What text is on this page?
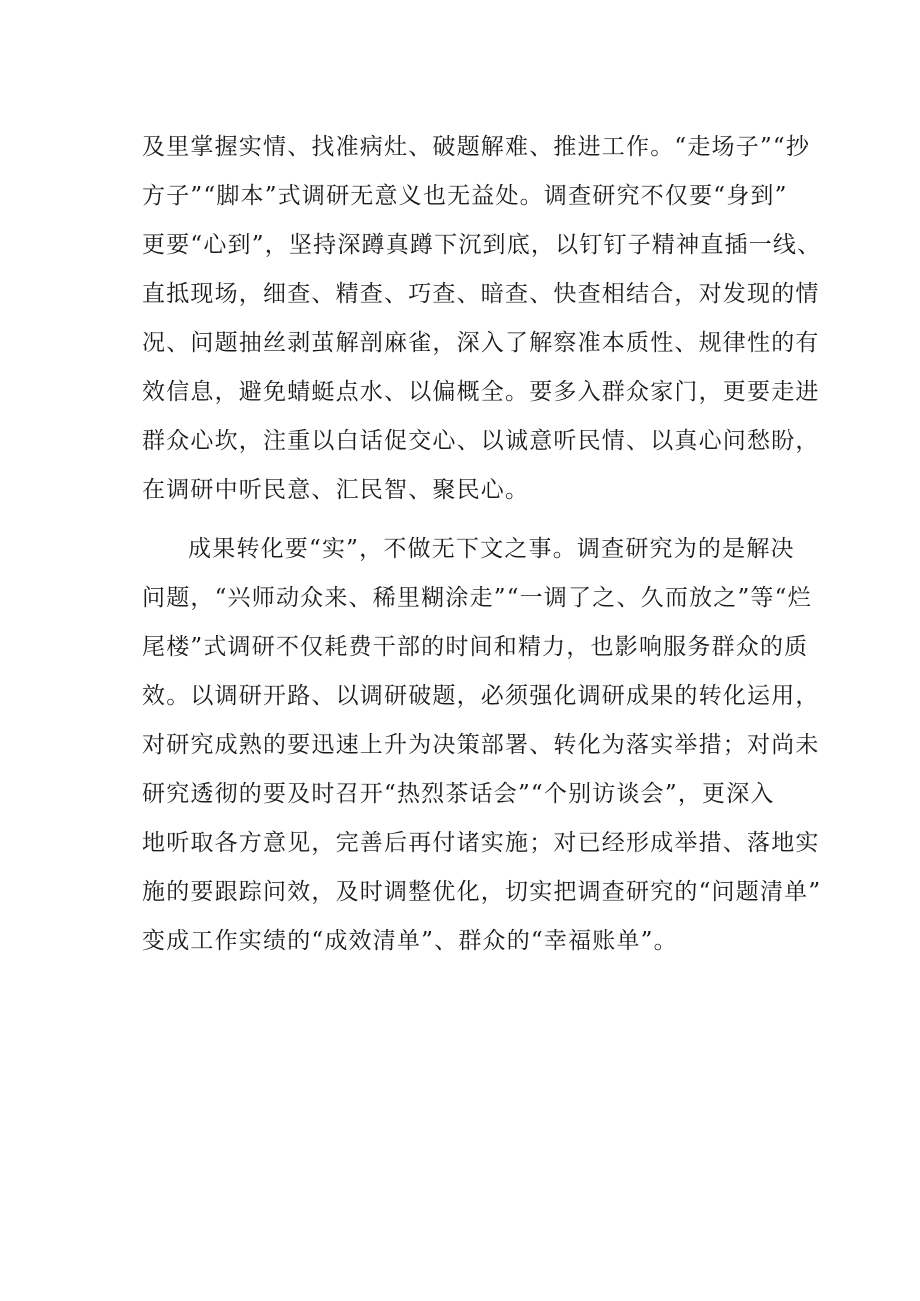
及里掌握实情、找准病灶、破题解难、推进工作。“走场子”“抄
方子”“脚本”式调研无意义也无益处。调查研究不仅要“身到”
更要“心到”，坚持深蹲真蹲下沉到底，以钉钉子精神直插一线、
直抵现场，细查、精查、巧查、暗查、快查相结合，对发现的情
况、问题抽丝剥茧解剖麻雀，深入了解察准本质性、规律性的有
效信息，避免蜻蜓点水、以偏概全。要多入群众家门，更要走进
群众心坎，注重以白话促交心、以诚意听民情、以真心问愁盼，
在调研中听民意、汇民智、聚民心。
成果转化要“实”，不做无下文之事。调查研究为的是解决
问题，“兴师动众来、稀里糊涂走”“一调了之、久而放之”等“烂
尾楼”式调研不仅耗费干部的时间和精力，也影响服务群众的质
效。以调研开路、以调研破题，必须强化调研成果的转化运用，
对研究成熟的要迅速上升为决策部署、转化为落实举措；对尚未
研究透彻的要及时召开“热烈茶话会”“个别访谈会”，更深入
地听取各方意见，完善后再付诸实施；对已经形成举措、落地实
施的要跟踪问效，及时调整优化，切实把调查研究的“问题清单”
变成工作实绩的“成效清单”、群众的“幸福账单”。
